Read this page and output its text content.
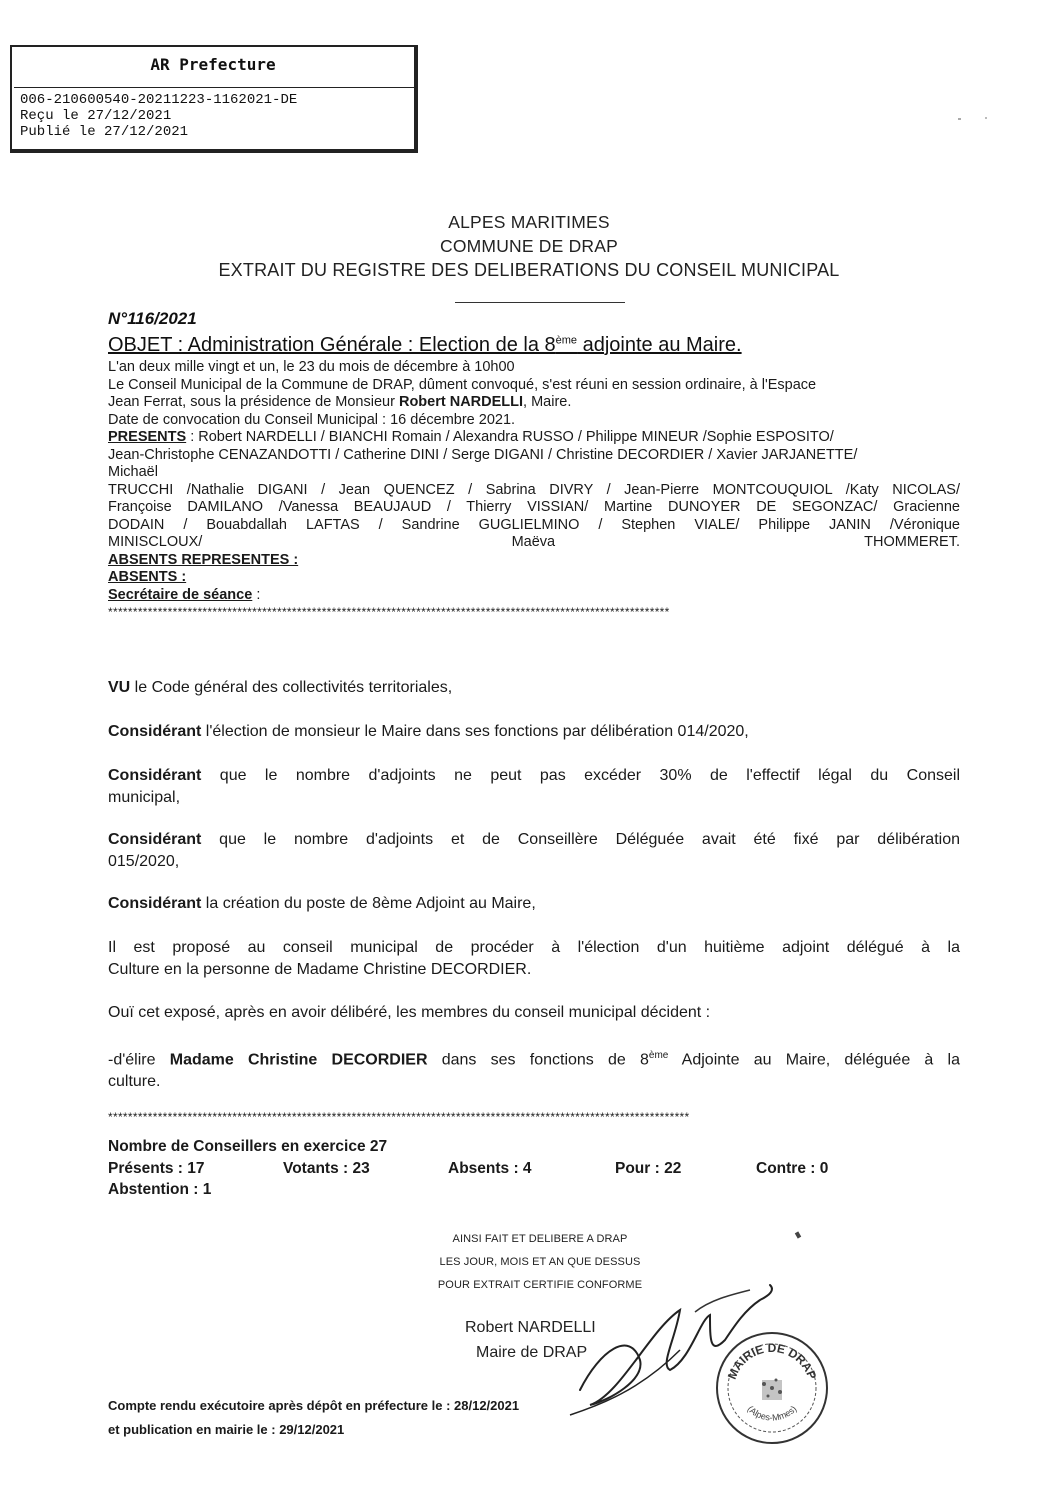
AR Prefecture
006-210600540-20211223-1162021-DE
Reçu le 27/12/2021
Publié le 27/12/2021
ALPES MARITIMES
COMMUNE DE DRAP
EXTRAIT DU REGISTRE DES DELIBERATIONS DU CONSEIL MUNICIPAL
N°116/2021
OBJET : Administration Générale : Election de la 8ème adjointe au Maire.
L'an deux mille vingt et un, le 23 du mois de décembre à 10h00
Le Conseil Municipal de la Commune de DRAP, dûment convoqué, s'est réuni en session ordinaire, à l'Espace
Jean Ferrat, sous la présidence de Monsieur Robert NARDELLI, Maire.
Date de convocation du Conseil Municipal : 16 décembre 2021.
PRESENTS : Robert NARDELLI / BIANCHI Romain / Alexandra RUSSO / Philippe MINEUR /Sophie ESPOSITO/
Jean-Christophe CENAZANDOTTI / Catherine DINI / Serge DIGANI / Christine DECORDIER / Xavier JARJANETTE/
Michaël
TRUCCHI /Nathalie DIGANI / Jean QUENCEZ / Sabrina DIVRY / Jean-Pierre MONTCOUQUIOL /Katy NICOLAS/
Françoise DAMILANO /Vanessa BEAUJAUD / Thierry VISSIAN/ Martine DUNOYER DE SEGONZAC/ Gracienne
DODAIN / Bouabdallah LAFTAS / Sandrine GUGLIELMINO / Stephen VIALE/ Philippe JANIN /Véronique
MINISCLOUX/ Maëva THOMMERET.
ABSENTS REPRESENTES :
ABSENTS :
Secrétaire de séance :
*****************************************************************************************************************
VU le Code général des collectivités territoriales,
Considérant l'élection de monsieur le Maire dans ses fonctions par délibération 014/2020,
Considérant que le nombre d'adjoints ne peut pas excéder 30% de l'effectif légal du Conseil
municipal,
Considérant que le nombre d'adjoints et de Conseillère Déléguée avait été fixé par délibération
015/2020,
Considérant la création du poste de 8ème Adjoint au Maire,
Il est proposé au conseil municipal de procéder à l'élection d'un huitième adjoint délégué à la
Culture en la personne de Madame Christine DECORDIER.
Ouï cet exposé, après en avoir délibéré, les membres du conseil municipal décident :
-d'élire Madame Christine DECORDIER dans ses fonctions de 8ème Adjointe au Maire, déléguée à la
culture.
*********************************************************************************************************************
Nombre de Conseillers en exercice 27
Présents : 17	Votants : 23	Absents : 4	Pour : 22	Contre : 0
Abstention : 1
AINSI FAIT ET DELIBERE A DRAP
LES JOUR, MOIS ET AN QUE DESSUS
POUR EXTRAIT CERTIFIE CONFORME
Robert NARDELLI
Maire de DRAP
MAIRIE DE DRAP
(Alpes-Mmes)
Compte rendu exécutoire après dépôt en préfecture le : 28/12/2021
et publication en mairie le : 29/12/2021
